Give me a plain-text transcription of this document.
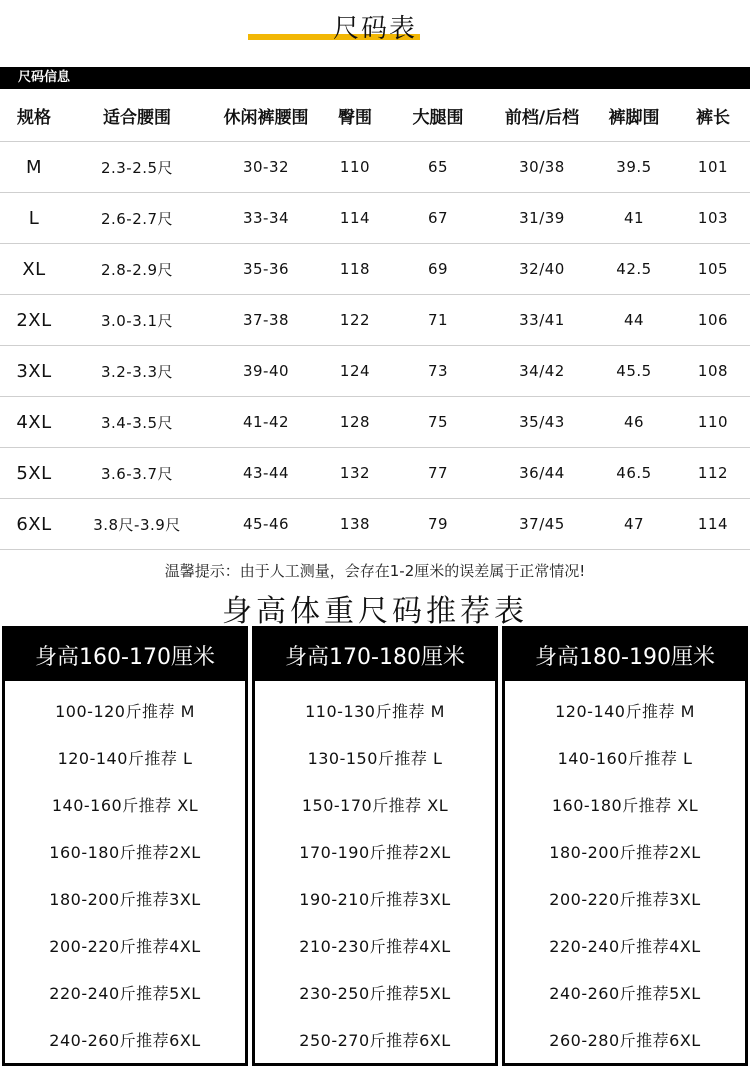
尺码表
尺码信息
规格	适合腰围	休闲裤腰围	臀围	大腿围	前档/后档	裤脚围	裤长
M	2.3-2.5尺	30-32	110	65	30/38	39.5	101
L	2.6-2.7尺	33-34	114	67	31/39	41	103
XL	2.8-2.9尺	35-36	118	69	32/40	42.5	105
2XL	3.0-3.1尺	37-38	122	71	33/41	44	106
3XL	3.2-3.3尺	39-40	124	73	34/42	45.5	108
4XL	3.4-3.5尺	41-42	128	75	35/43	46	110
5XL	3.6-3.7尺	43-44	132	77	36/44	46.5	112
6XL	3.8尺-3.9尺	45-46	138	79	37/45	47	114
温馨提示：由于人工测量，会存在1-2厘米的误差属于正常情况!
身高体重尺码推荐表
身高160-170厘米
100-120斤推荐 M
120-140斤推荐 L
140-160斤推荐 XL
160-180斤推荐2XL
180-200斤推荐3XL
200-220斤推荐4XL
220-240斤推荐5XL
240-260斤推荐6XL
身高170-180厘米
110-130斤推荐 M
130-150斤推荐 L
150-170斤推荐 XL
170-190斤推荐2XL
190-210斤推荐3XL
210-230斤推荐4XL
230-250斤推荐5XL
250-270斤推荐6XL
身高180-190厘米
120-140斤推荐 M
140-160斤推荐 L
160-180斤推荐 XL
180-200斤推荐2XL
200-220斤推荐3XL
220-240斤推荐4XL
240-260斤推荐5XL
260-280斤推荐6XL
